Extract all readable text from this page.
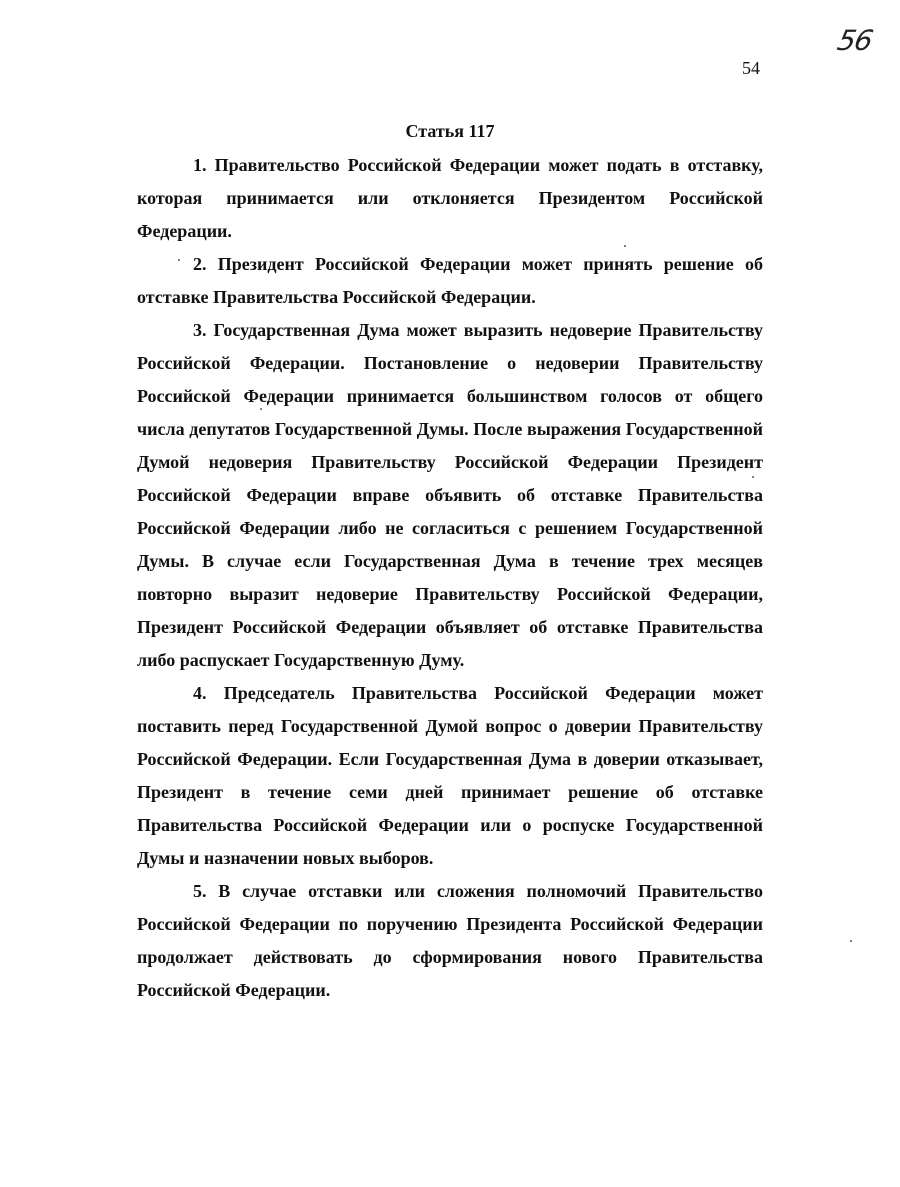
56
54
Статья 117

1. Правительство Российской Федерации может подать в отставку, которая принимается или отклоняется Президентом Российской Федерации.

2. Президент Российской Федерации может принять решение об отставке Правительства Российской Федерации.

3. Государственная Дума может выразить недоверие Правительству Российской Федерации. Постановление о недоверии Правительству Российской Федерации принимается большинством голосов от общего числа депутатов Государственной Думы. После выражения Государственной Думой недоверия Правительству Российской Федерации Президент Российской Федерации вправе объявить об отставке Правительства Российской Федерации либо не согласиться с решением Государственной Думы. В случае если Государственная Дума в течение трех месяцев повторно выразит недоверие Правительству Российской Федерации, Президент Российской Федерации объявляет об отставке Правительства либо распускает Государственную Думу.

4. Председатель Правительства Российской Федерации может поставить перед Государственной Думой вопрос о доверии Правительству Российской Федерации. Если Государственная Дума в доверии отказывает, Президент в течение семи дней принимает решение об отставке Правительства Российской Федерации или о роспуске Государственной Думы и назначении новых выборов.

5. В случае отставки или сложения полномочий Правительство Российской Федерации по поручению Президента Российской Федерации продолжает действовать до сформирования нового Правительства Российской Федерации.
